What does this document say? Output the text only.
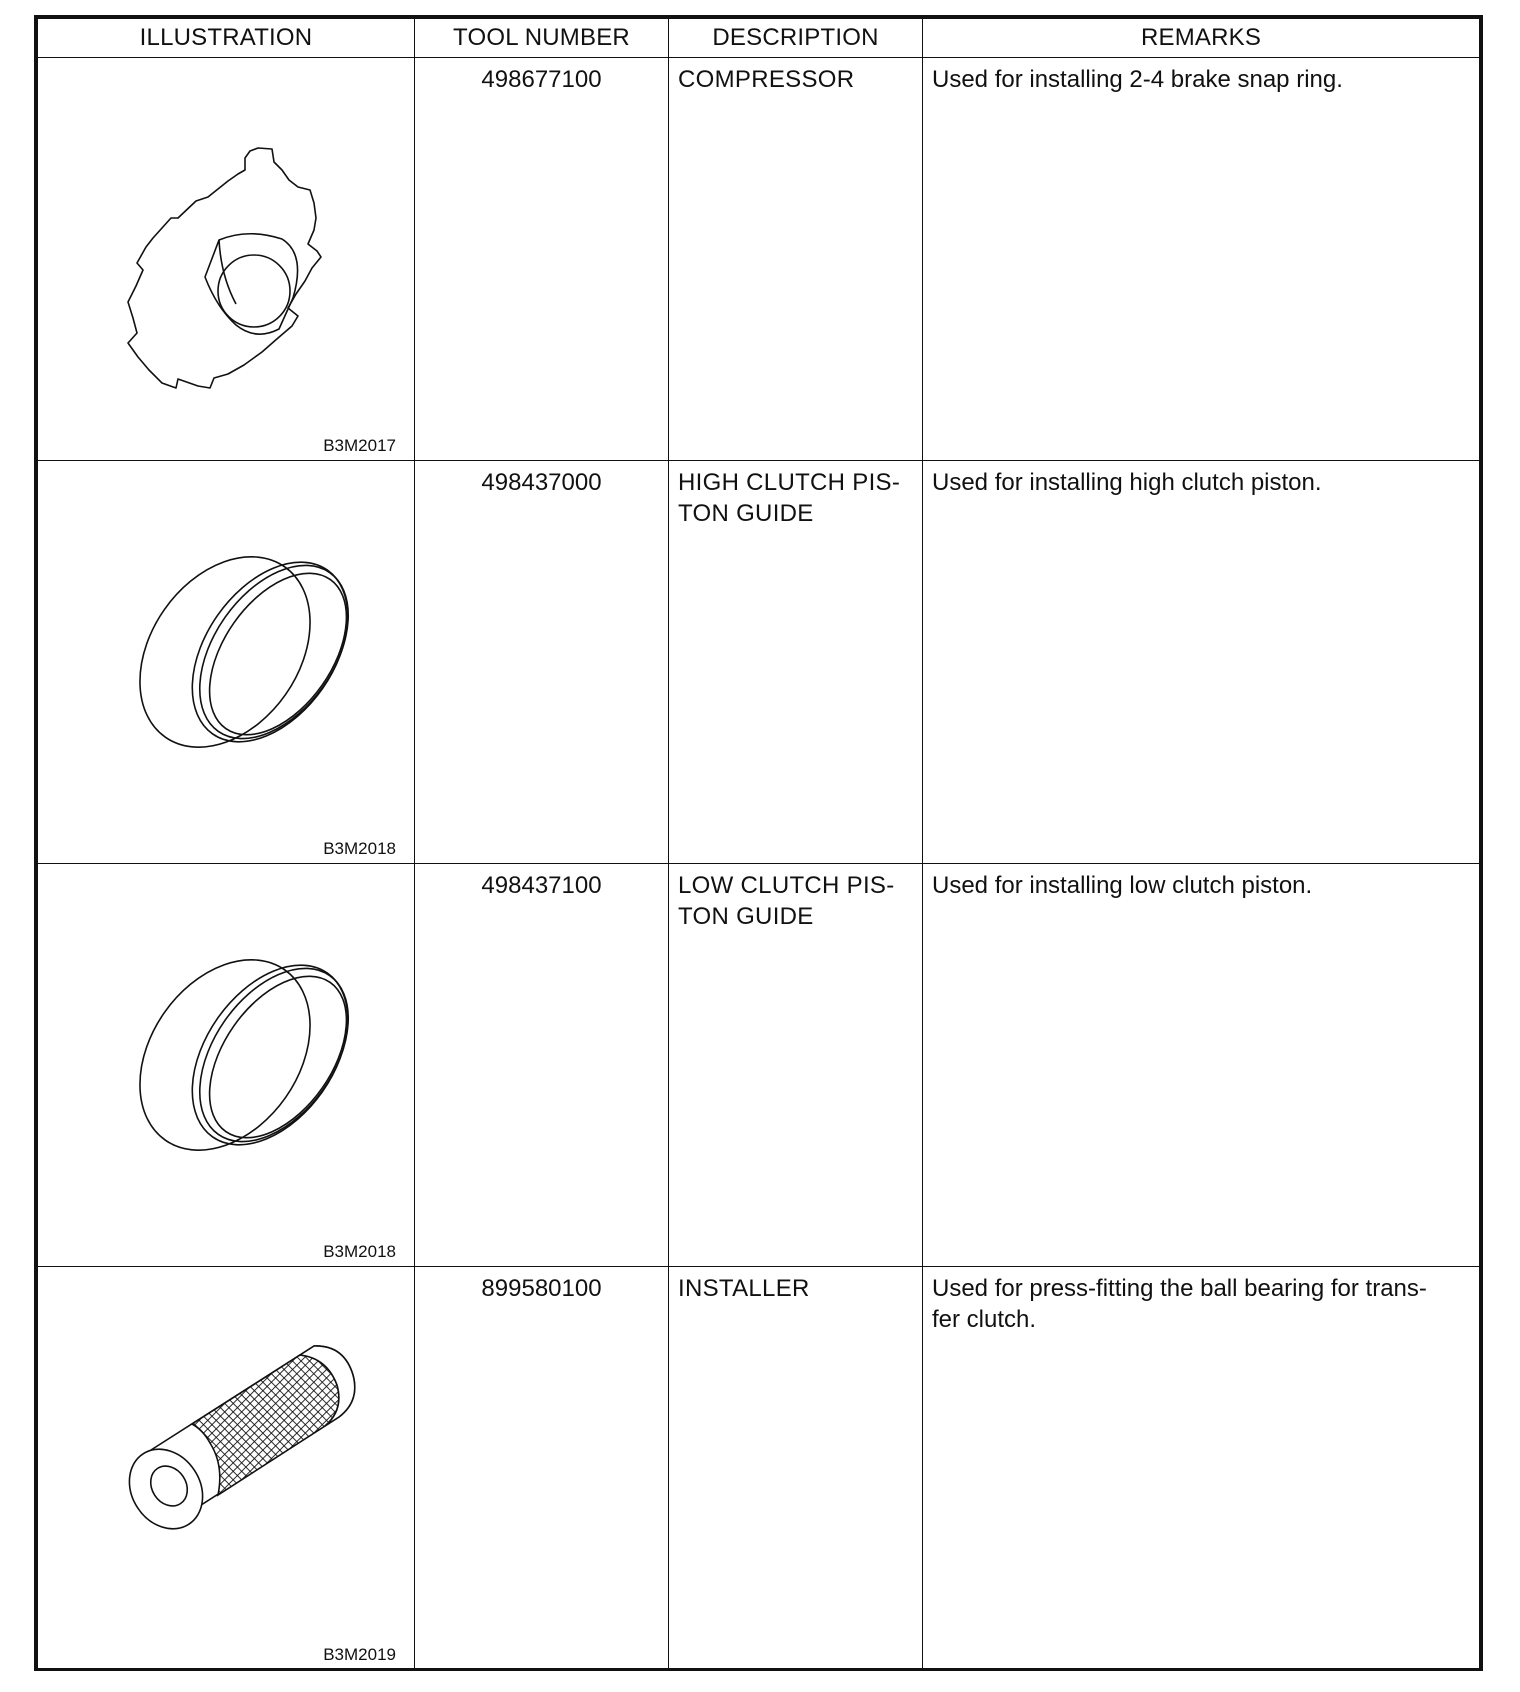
ILLUSTRATION	TOOL NUMBER	DESCRIPTION	REMARKS

B3M2017	498677100	COMPRESSOR	Used for installing 2-4 brake snap ring.

B3M2018	498437000	HIGH CLUTCH PIS-
TON GUIDE	Used for installing high clutch piston.

B3M2018	498437100	LOW CLUTCH PIS-
TON GUIDE	Used for installing low clutch piston.

B3M2019	899580100	INSTALLER	Used for press-fitting the ball bearing for trans-
fer clutch.
